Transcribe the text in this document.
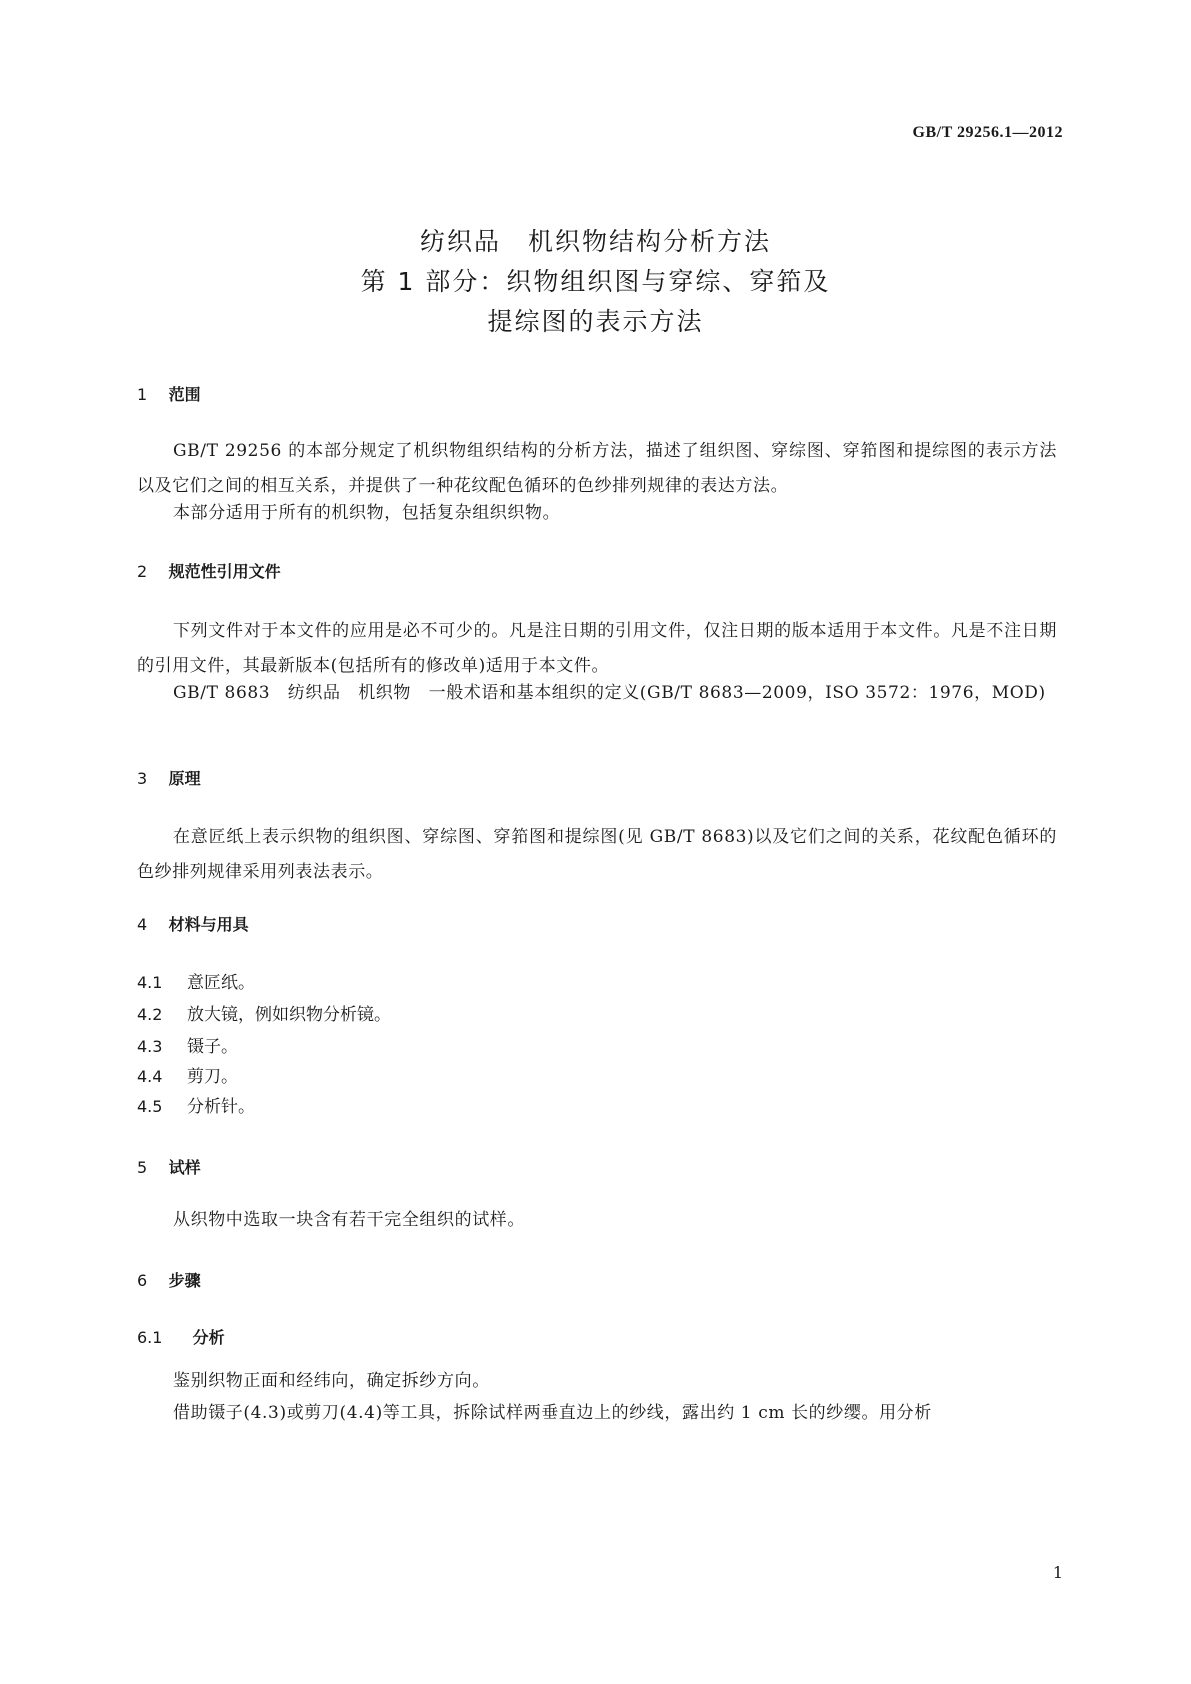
GB/T 29256.1—2012
纺织品　机织物结构分析方法
第 1 部分：织物组织图与穿综、穿筘及
提综图的表示方法
1 范围
GB/T 29256 的本部分规定了机织物组织结构的分析方法，描述了组织图、穿综图、穿筘图和提综图的表示方法以及它们之间的相互关系，并提供了一种花纹配色循环的色纱排列规律的表达方法。
本部分适用于所有的机织物，包括复杂组织织物。
2 规范性引用文件
下列文件对于本文件的应用是必不可少的。凡是注日期的引用文件，仅注日期的版本适用于本文件。凡是不注日期的引用文件，其最新版本(包括所有的修改单)适用于本文件。
GB/T 8683　纺织品　机织物　一般术语和基本组织的定义(GB/T 8683—2009，ISO 3572：1976，MOD)
3 原理
在意匠纸上表示织物的组织图、穿综图、穿筘图和提综图(见 GB/T 8683)以及它们之间的关系，花纹配色循环的色纱排列规律采用列表法表示。
4 材料与用具
4.1 意匠纸。
4.2 放大镜，例如织物分析镜。
4.3 镊子。
4.4 剪刀。
4.5 分析针。
5 试样
从织物中选取一块含有若干完全组织的试样。
6 步骤
6.1 分析
鉴别织物正面和经纬向，确定拆纱方向。
借助镊子(4.3)或剪刀(4.4)等工具，拆除试样两垂直边上的纱线，露出约 1 cm 长的纱缨。用分析
1
